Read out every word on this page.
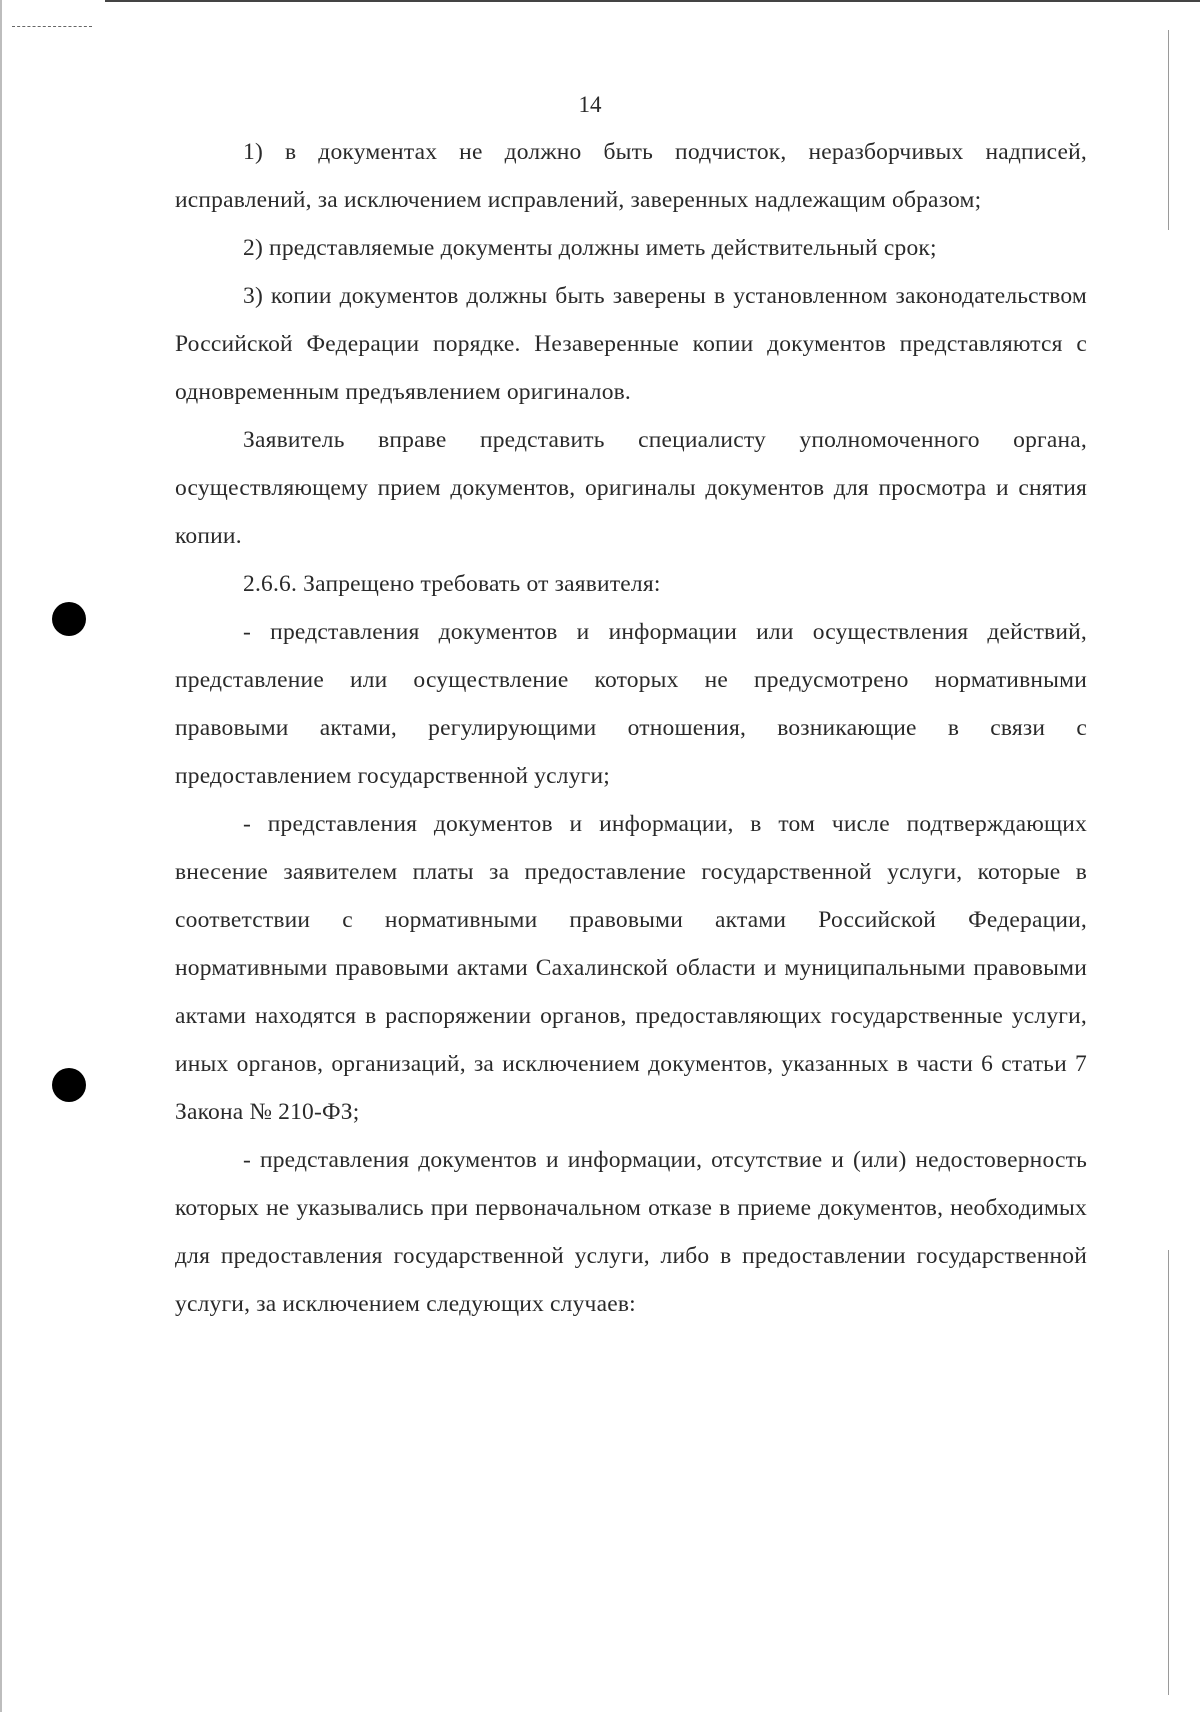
14

1) в документах не должно быть подчисток, неразборчивых надписей, исправлений, за исключением исправлений, заверенных надлежащим образом;

2) представляемые документы должны иметь действительный срок;

3) копии документов должны быть заверены в установленном законодательством Российской Федерации порядке. Незаверенные копии документов представляются с одновременным предъявлением оригиналов.

Заявитель вправе представить специалисту уполномоченного органа, осуществляющему прием документов, оригиналы документов для просмотра и снятия копии.

2.6.6. Запрещено требовать от заявителя:

- представления документов и информации или осуществления действий, представление или осуществление которых не предусмотрено нормативными правовыми актами, регулирующими отношения, возникающие в связи с предоставлением государственной услуги;

- представления документов и информации, в том числе подтверждающих внесение заявителем платы за предоставление государственной услуги, которые в соответствии с нормативными правовыми актами Российской Федерации, нормативными правовыми актами Сахалинской области и муниципальными правовыми актами находятся в распоряжении органов, предоставляющих государственные услуги, иных органов, организаций, за исключением документов, указанных в части 6 статьи 7 Закона № 210-ФЗ;

- представления документов и информации, отсутствие и (или) недостоверность которых не указывались при первоначальном отказе в приеме документов, необходимых для предоставления государственной услуги, либо в предоставлении государственной услуги, за исключением следующих случаев:
